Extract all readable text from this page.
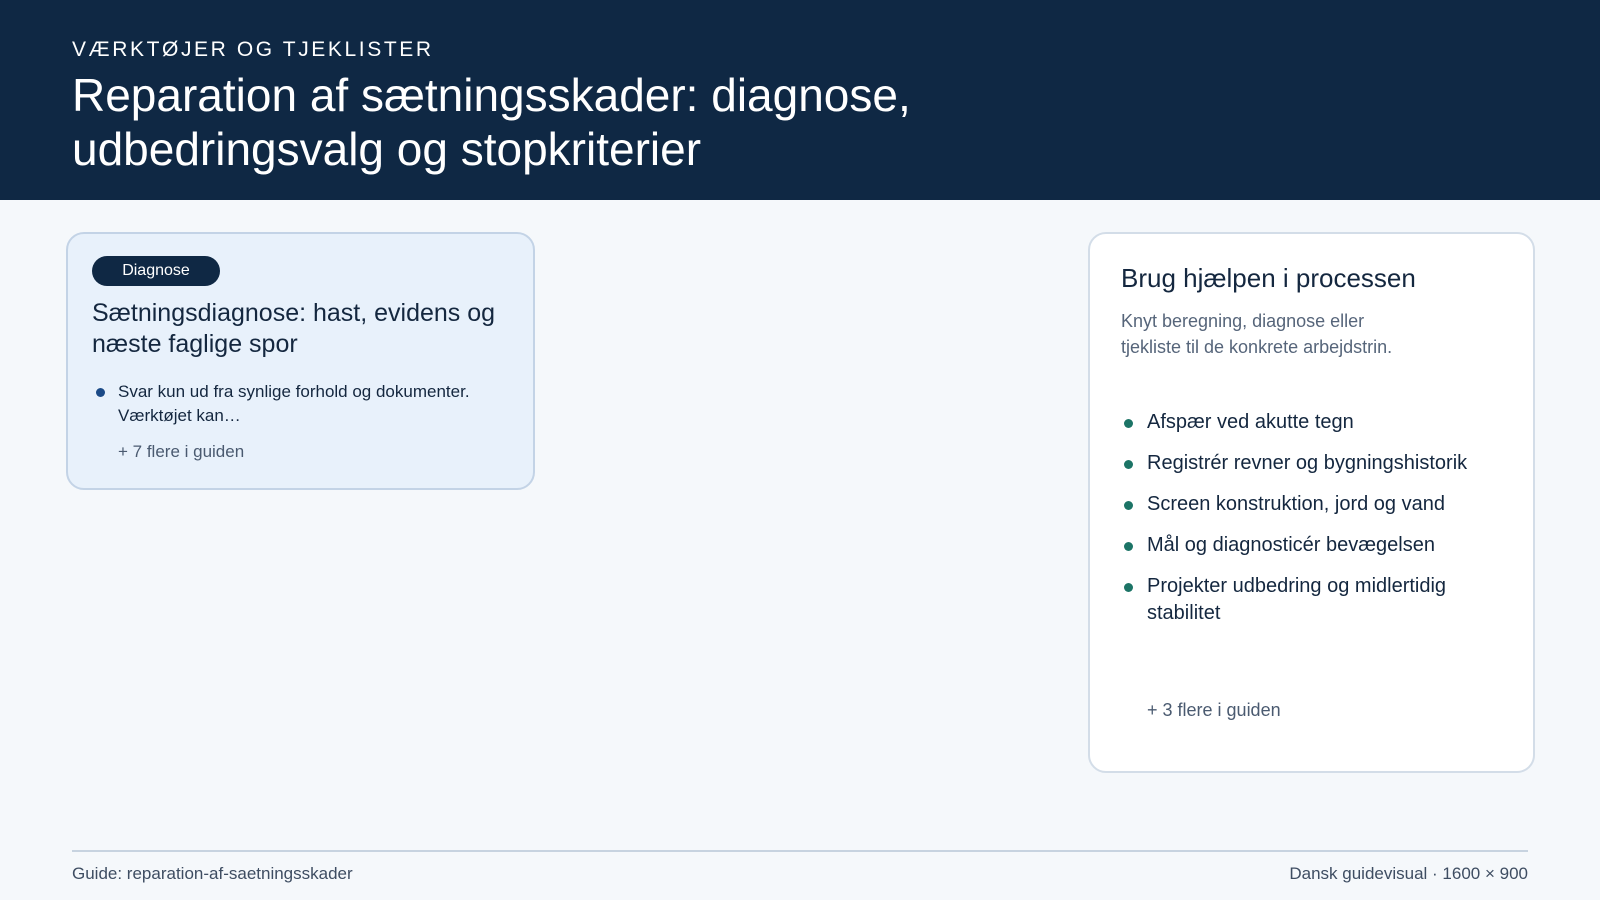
VÆRKTØJER OG TJEKLISTER
Reparation af sætningsskader: diagnose, udbedringsvalg og stopkriterier
Diagnose
Sætningsdiagnose: hast, evidens og næste faglige spor
Svar kun ud fra synlige forhold og dokumenter. Værktøjet kan…
+ 7 flere i guiden
Brug hjælpen i processen
Knyt beregning, diagnose eller tjekliste til de konkrete arbejdstrin.
Afspær ved akutte tegn
Registrér revner og bygningshistorik
Screen konstruktion, jord og vand
Mål og diagnosticér bevægelsen
Projekter udbedring og midlertidig stabilitet
+ 3 flere i guiden
Guide: reparation-af-saetningsskader	Dansk guidevisual · 1600 × 900
